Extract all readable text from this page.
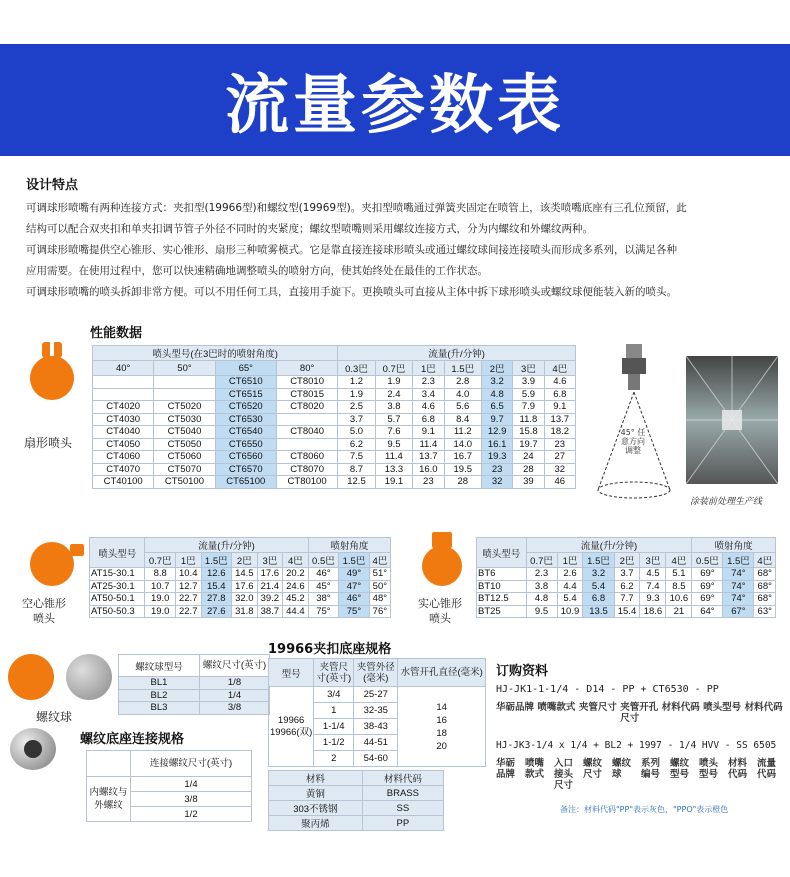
流量参数表
设计特点

可调球形喷嘴有两种连接方式：夹扣型(19966型)和螺纹型(19969型)。夹扣型喷嘴通过弹簧夹固定在喷管上，该类喷嘴底座有三孔位预留，此

结构可以配合双夹扣和单夹扣调节管子外径不同时的夹紧度；螺纹型喷嘴则采用螺纹连接方式，分为内螺纹和外螺纹两种。

可调球形喷嘴提供空心锥形、实心锥形、扇形三种喷雾模式。它是靠直接连接球形喷头或通过螺纹球间接连接喷头而形成多系列，以满足各种

应用需要。在使用过程中，您可以快速精确地调整喷头的喷射方向，使其始终处在最佳的工作状态。

可调球形喷嘴的喷头拆卸非常方便。可以不用任何工具，直接用手旋下。更换喷头可直接从主体中拆下球形喷头或螺纹球便能装入新的喷头。

性能数据
扇形喷头
喷头型号(在3巴时的喷射角度)				流量(升/分钟)						
40°	50°	65°	80°	0.3巴	0.7巴	1巴	1.5巴	2巴	3巴	4巴
		CT6510	CT8010	1.2	1.9	2.3	2.8	3.2	3.9	4.6
		CT6515	CT8015	1.9	2.4	3.4	4.0	4.8	5.9	6.8
CT4020	CT5020	CT6520	CT8020	2.5	3.8	4.6	5.6	6.5	7.9	9.1
CT4030	CT5030	CT6530		3.7	5.7	6.8	8.4	9.7	11.8	13.7
CT4040	CT5040	CT6540	CT8040	5.0	7.6	9.1	11.2	12.9	15.8	18.2
CT4050	CT5050	CT6550		6.2	9.5	11.4	14.0	16.1	19.7	23
CT4060	CT5060	CT6560	CT8060	7.5	11.4	13.7	16.7	19.3	24	27
CT4070	CT5070	CT6570	CT8070	8.7	13.3	16.0	19.5	23	28	32
CT40100	CT50100	CT65100	CT80100	12.5	19.1	23	28	32	39	46
45° 任意方向调整
涂装前处理生产线
空心锥形
喷头
喷头型号	流量(升/分钟)						喷射角度		
	0.7巴	1巴	1.5巴	2巴	3巴	4巴	0.5巴	1.5巴	4巴
AT15-30.1	8.8	10.4	12.6	14.5	17.6	20.2	46°	49°	51°
AT25-30.1	10.7	12.7	15.4	17.6	21.4	24.6	45°	47°	50°
AT50-50.1	19.0	22.7	27.8	32.0	39.2	45.2	38°	46°	48°
AT50-50.3	19.0	22.7	27.6	31.8	38.7	44.4	75°	75°	76°
实心锥形
喷头
喷头型号	流量(升/分钟)						喷射角度		
	0.7巴	1巴	1.5巴	2巴	3巴	4巴	0.5巴	1.5巴	4巴
BT6	2.3	2.6	3.2	3.7	4.5	5.1	69°	74°	68°
BT10	3.8	4.4	5.4	6.2	7.4	8.5	69°	74°	68°
BT12.5	4.8	5.4	6.8	7.7	9.3	10.6	69°	74°	68°
BT25	9.5	10.9	13.5	15.4	18.6	21	64°	67°	63°
螺纹球
螺纹球型号	螺纹尺寸(英寸)
BL1	1/8
BL2	1/4
BL3	3/8
螺纹底座连接规格
	连接螺纹尺寸(英寸)
内螺纹与外螺纹	1/4
	3/8
	1/2
19966夹扣底座规格
型号	夹管尺寸(英寸)	夹管外径(毫米)	水管开孔直径(毫米)
19966 19966(双)	3/4	25-27	14
16
18
20
	1	32-35	
	1-1/4	38-43	
	1-1/2	44-51	
	2	54-60	
材料	材料代码
黄铜	BRASS
303不锈钢	SS
聚丙烯	PP
订购资料
HJ-JK1-1-1/4 - D14 - PP + CT6530 - PP
华砺品牌 喷嘴款式 夹管尺寸 夹管开孔尺寸
材料代码 喷头型号 材料代码
HJ-JK3-1/4 x 1/4 + BL2 + 1997 - 1/4 HVV - SS 6505
华砺品牌
喷嘴款式
入口接头尺寸
螺纹尺寸
螺纹球
系列编号
螺纹型号
喷头型号
材料代码
流量代码
备注：材料代码"PP"表示灰色，"PPO"表示橙色
